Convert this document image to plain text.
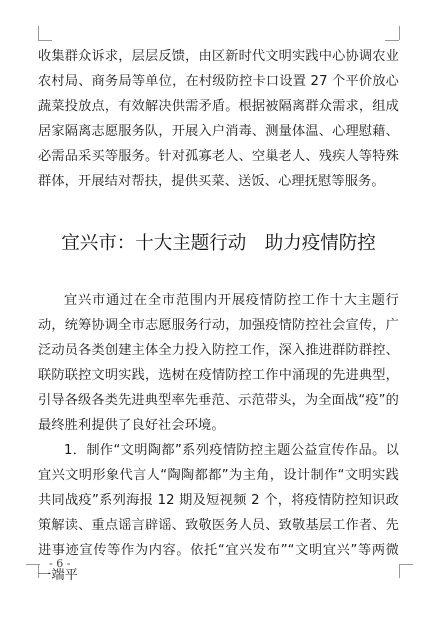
收集群众诉求，层层反馈，由区新时代文明实践中心协调农业农村局、商务局等单位，在村级防控卡口设置 27 个平价放心蔬菜投放点，有效解决供需矛盾。根据被隔离群众需求，组成居家隔离志愿服务队，开展入户消毒、测量体温、心理慰藉、必需品采买等服务。针对孤寡老人、空巢老人、残疾人等特殊群体，开展结对帮扶，提供买菜、送饭、心理抚慰等服务。

宜兴市：十大主题行动　助力疫情防控

宜兴市通过在全市范围内开展疫情防控工作十大主题行动，统筹协调全市志愿服务行动，加强疫情防控社会宣传，广泛动员各类创建主体全力投入防控工作，深入推进群防群控、联防联控文明实践，选树在疫情防控工作中涌现的先进典型，引导各级各类先进典型率先垂范、示范带头，为全面战“疫”的最终胜利提供了良好社会环境。

1．制作“文明陶都”系列疫情防控主题公益宣传作品。以宜兴文明形象代言人“陶陶都都”为主角，设计制作“文明实践 共同战疫”系列海报 12 期及短视频 2 个，将疫情防控知识政策解读、重点谣言辟谣、致敬医务人员、致敬基层工作者、先进事迹宣传等作为内容。依托“宜兴发布”“文明宜兴”等两微一端平

- 6 -
